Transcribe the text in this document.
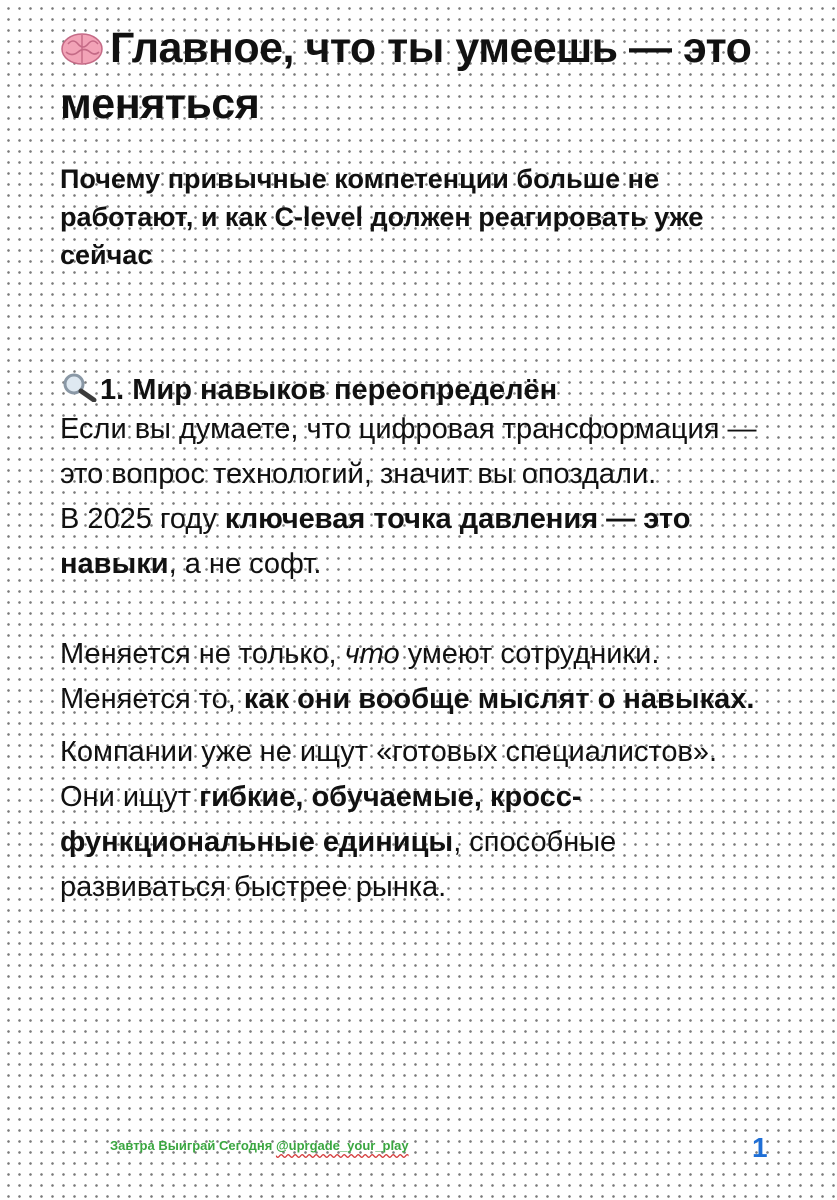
Главное, что ты умеешь — это меняться

Почему привычные компетенции больше не работают, и как C-level должен реагировать уже сейчас

1. Мир навыков переопределён

Если вы думаете, что цифровая трансформация — это вопрос технологий, значит вы опоздали.

В 2025 году ключевая точка давления — это навыки, а не софт.

Меняется не только, что умеют сотрудники.

Меняется то, как они вообще мыслят о навыках.

Компании уже не ищут «готовых специалистов».

Они ищут гибкие, обучаемые, кросс-функциональные единицы, способные развиваться быстрее рынка.

Завтра Выиграй Сегодня @uprgade_your_play	1
